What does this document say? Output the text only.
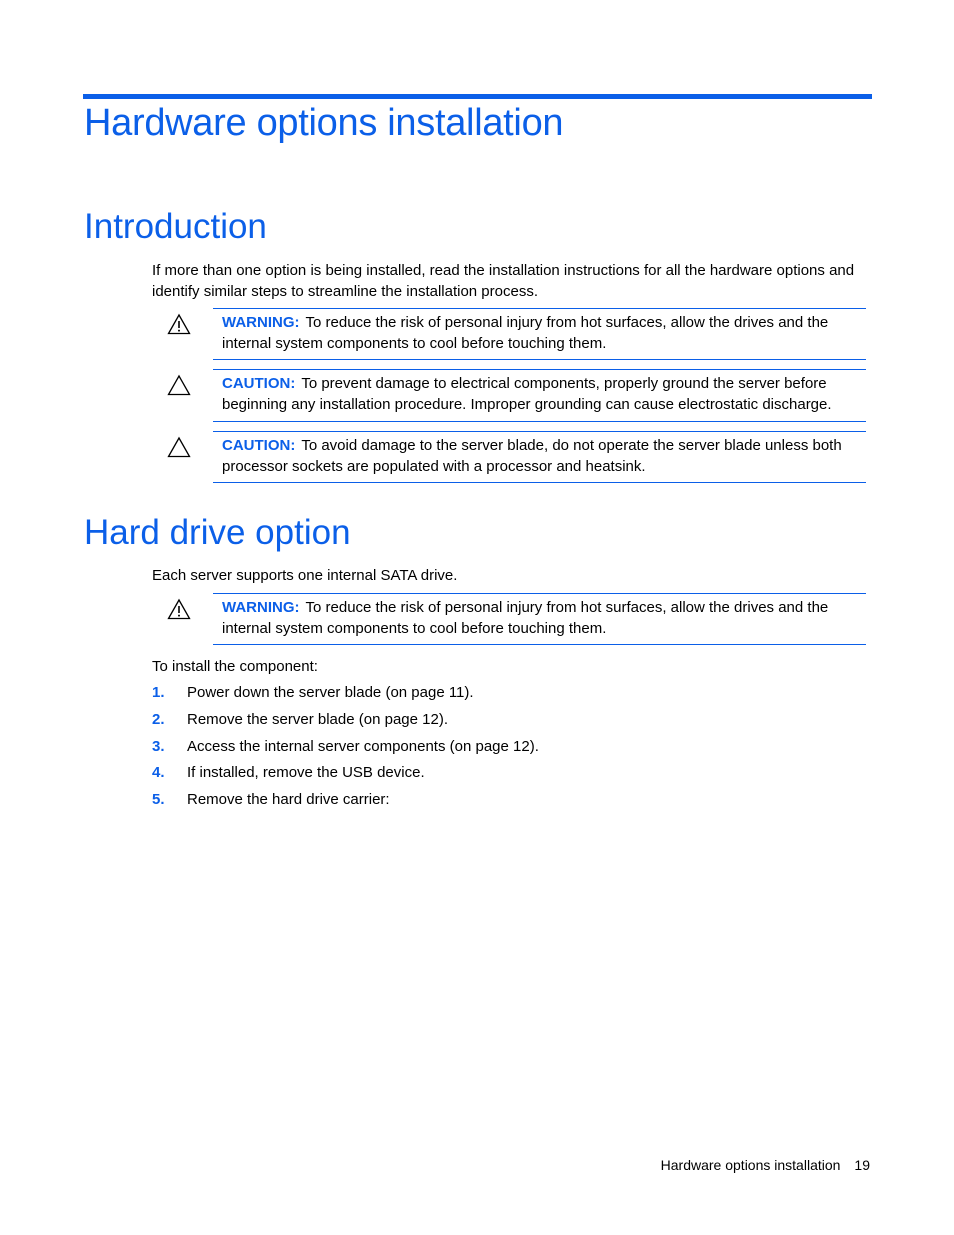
Hardware options installation
Introduction

If more than one option is being installed, read the installation instructions for all the hardware options and identify similar steps to streamline the installation process.

WARNING: To reduce the risk of personal injury from hot surfaces, allow the drives and the internal system components to cool before touching them.
CAUTION: To prevent damage to electrical components, properly ground the server before beginning any installation procedure. Improper grounding can cause electrostatic discharge.
CAUTION: To avoid damage to the server blade, do not operate the server blade unless both processor sockets are populated with a processor and heatsink.
Hard drive option

Each server supports one internal SATA drive.

WARNING: To reduce the risk of personal injury from hot surfaces, allow the drives and the internal system components to cool before touching them.

To install the component:

1. Power down the server blade (on page 11).
2. Remove the server blade (on page 12).
3. Access the internal server components (on page 12).
4. If installed, remove the USB device.
5. Remove the hard drive carrier:
Hardware options installation 19
